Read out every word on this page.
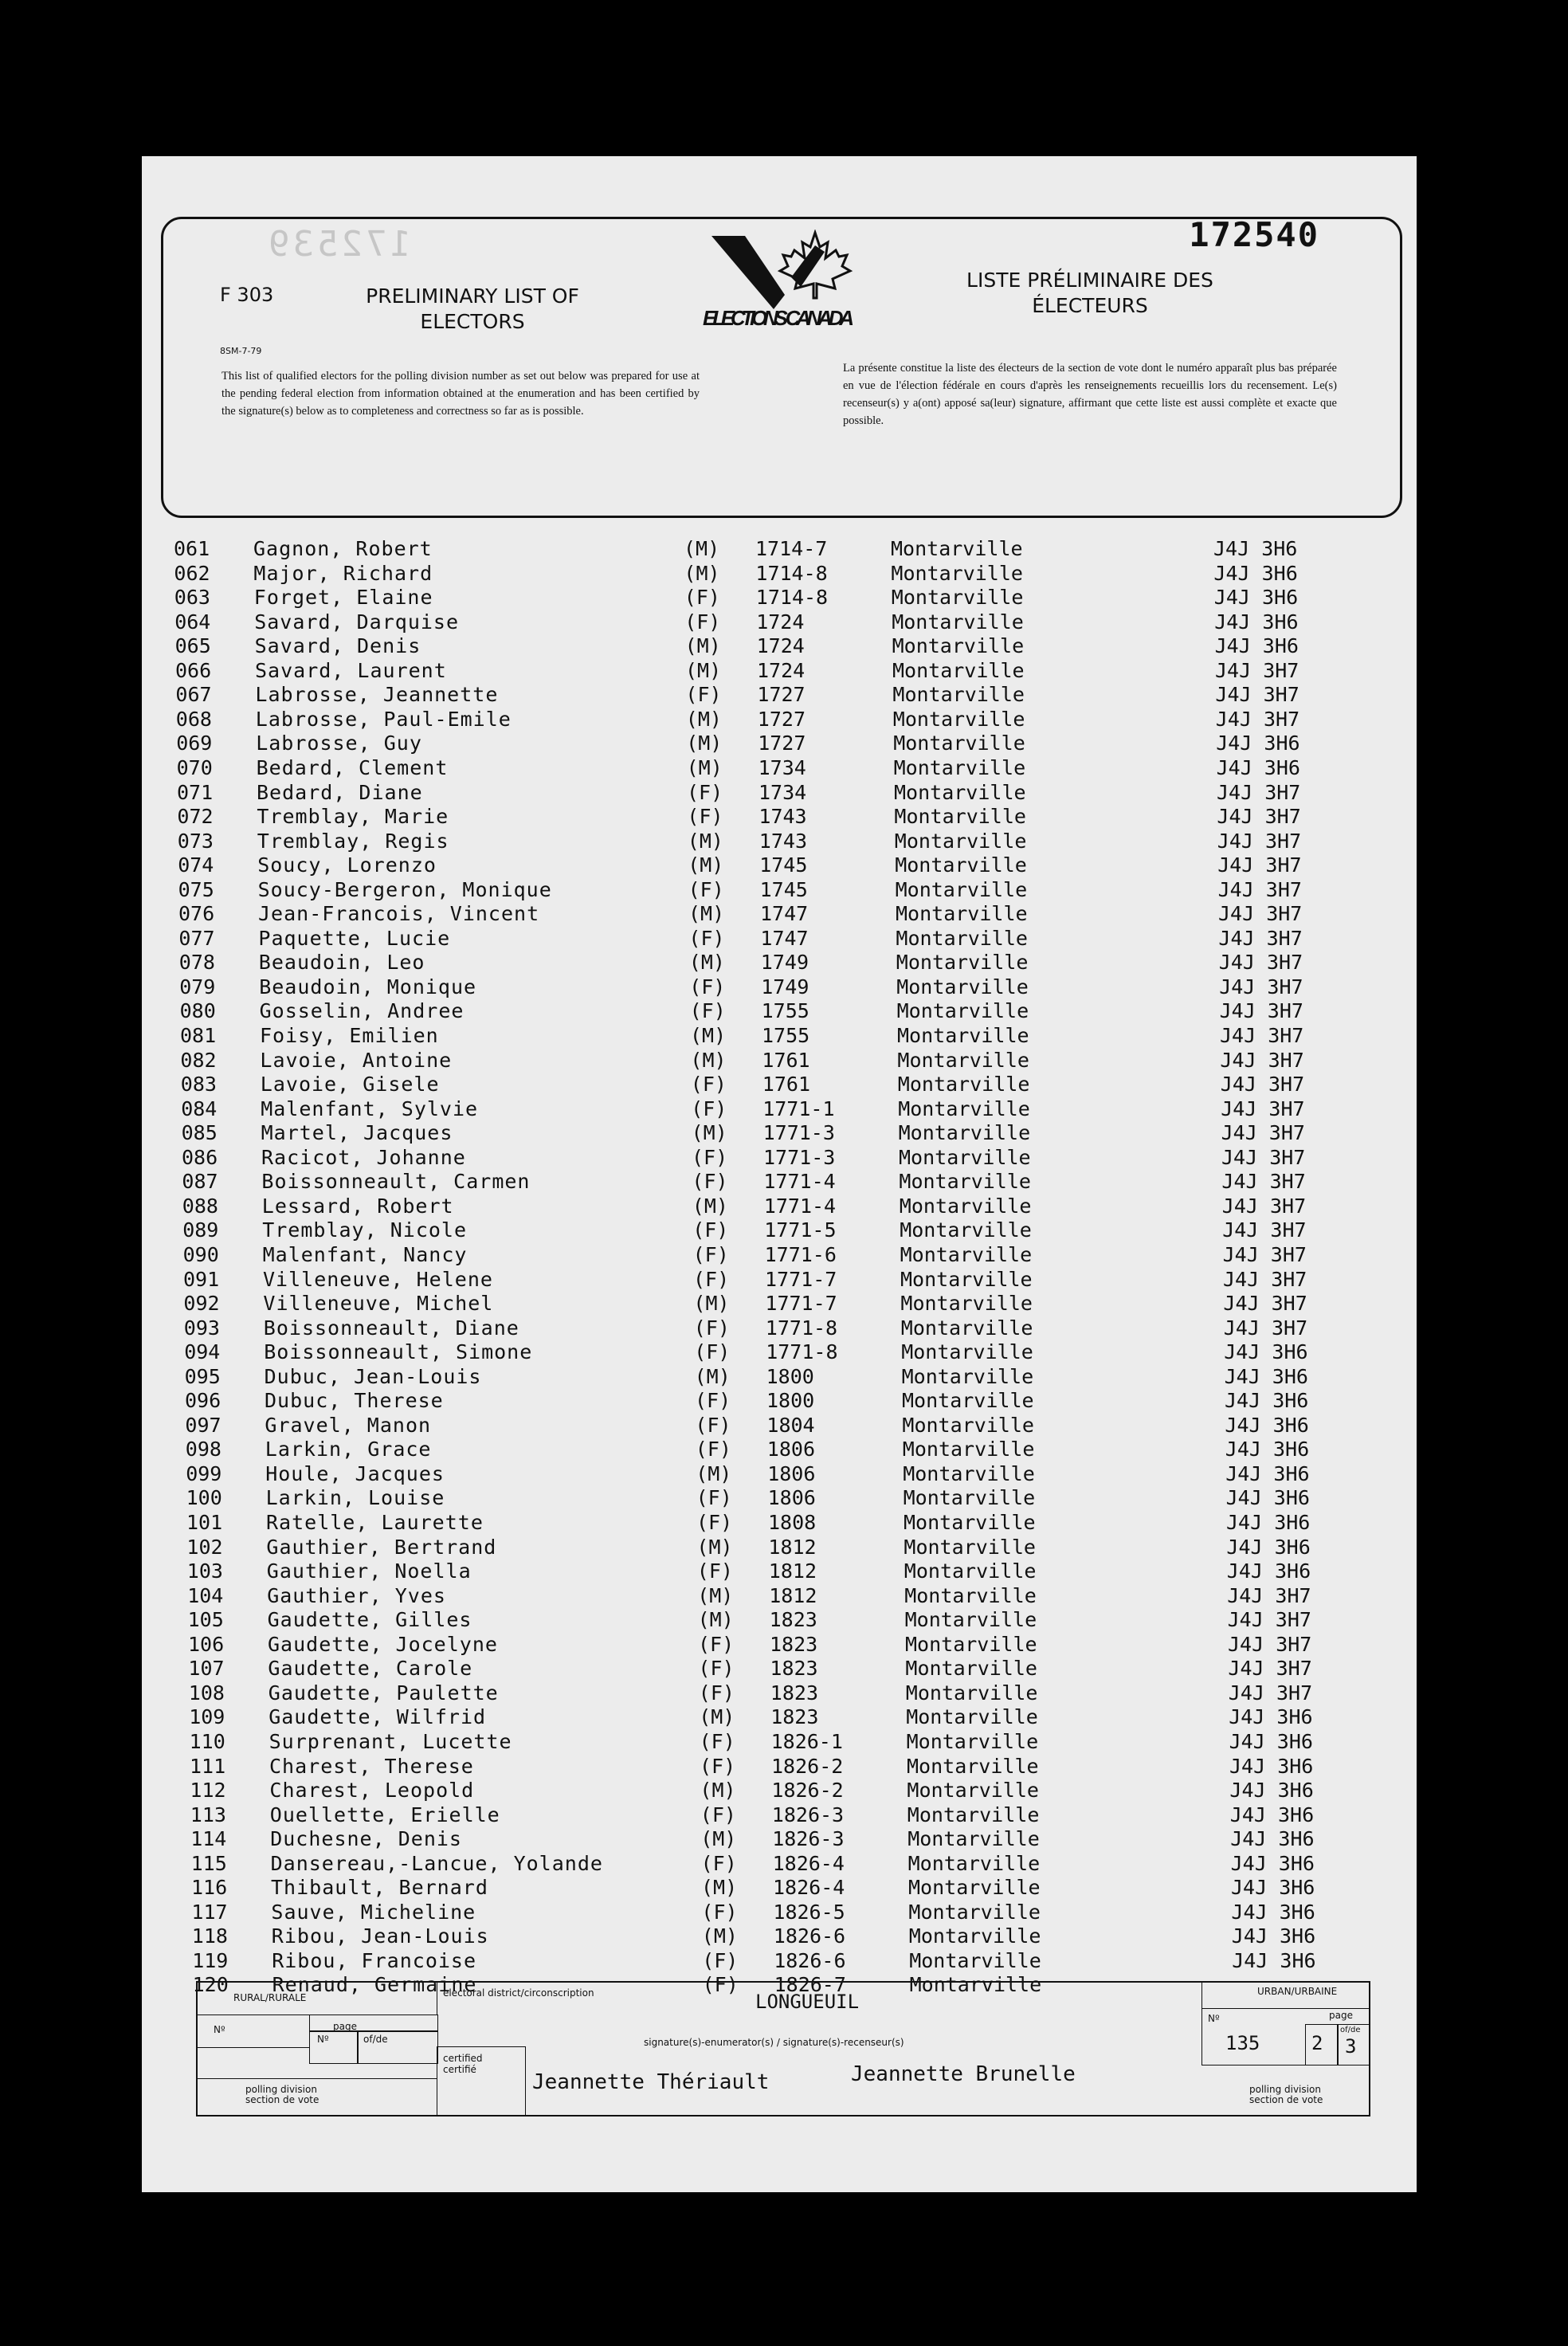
172539	172540
F 303
8SM-7-79
PRELIMINARY LIST OF ELECTORS
LISTE PRÉLIMINAIRE DES ÉLECTEURS
ELECTIONS CANADA
This list of qualified electors for the polling division number as set out below was prepared for use at the pending federal election from information obtained at the enumeration and has been certified by the signature(s) below as to completeness and correctness so far as is possible.
La présente constitue la liste des électeurs de la section de vote dont le numéro apparaît plus bas préparée en vue de l'élection fédérale en cours d'après les renseignements recueillis lors du recensement. Le(s) recenseur(s) y a(ont) apposé sa(leur) signature, affirmant que cette liste est aussi complète et exacte que possible.
061 Gagnon, Robert	(M) 1714-7	Montarville	J4J 3H6
062 Major, Richard	(M) 1714-8	Montarville	J4J 3H6
063 Forget, Elaine	(F) 1714-8	Montarville	J4J 3H6
064 Savard, Darquise	(F) 1724	Montarville	J4J 3H6
065 Savard, Denis	(M) 1724	Montarville	J4J 3H6
066 Savard, Laurent	(M) 1724	Montarville	J4J 3H7
067 Labrosse, Jeannette	(F) 1727	Montarville	J4J 3H7
068 Labrosse, Paul-Emile	(M) 1727	Montarville	J4J 3H7
069 Labrosse, Guy	(M) 1727	Montarville	J4J 3H6
070 Bedard, Clement	(M) 1734	Montarville	J4J 3H6
071 Bedard, Diane	(F) 1734	Montarville	J4J 3H7
072 Tremblay, Marie	(F) 1743	Montarville	J4J 3H7
073 Tremblay, Regis	(M) 1743	Montarville	J4J 3H7
074 Soucy, Lorenzo	(M) 1745	Montarville	J4J 3H7
075 Soucy-Bergeron, Monique	(F) 1745	Montarville	J4J 3H7
076 Jean-Francois, Vincent	(M) 1747	Montarville	J4J 3H7
077 Paquette, Lucie	(F) 1747	Montarville	J4J 3H7
078 Beaudoin, Leo	(M) 1749	Montarville	J4J 3H7
079 Beaudoin, Monique	(F) 1749	Montarville	J4J 3H7
080 Gosselin, Andree	(F) 1755	Montarville	J4J 3H7
081 Foisy, Emilien	(M) 1755	Montarville	J4J 3H7
082 Lavoie, Antoine	(M) 1761	Montarville	J4J 3H7
083 Lavoie, Gisele	(F) 1761	Montarville	J4J 3H7
084 Malenfant, Sylvie	(F) 1771-1	Montarville	J4J 3H7
085 Martel, Jacques	(M) 1771-3	Montarville	J4J 3H7
086 Racicot, Johanne	(F) 1771-3	Montarville	J4J 3H7
087 Boissonneault, Carmen	(F) 1771-4	Montarville	J4J 3H7
088 Lessard, Robert	(M) 1771-4	Montarville	J4J 3H7
089 Tremblay, Nicole	(F) 1771-5	Montarville	J4J 3H7
090 Malenfant, Nancy	(F) 1771-6	Montarville	J4J 3H7
091 Villeneuve, Helene	(F) 1771-7	Montarville	J4J 3H7
092 Villeneuve, Michel	(M) 1771-7	Montarville	J4J 3H7
093 Boissonneault, Diane	(F) 1771-8	Montarville	J4J 3H7
094 Boissonneault, Simone	(F) 1771-8	Montarville	J4J 3H6
095 Dubuc, Jean-Louis	(M) 1800	Montarville	J4J 3H6
096 Dubuc, Therese	(F) 1800	Montarville	J4J 3H6
097 Gravel, Manon	(F) 1804	Montarville	J4J 3H6
098 Larkin, Grace	(F) 1806	Montarville	J4J 3H6
099 Houle, Jacques	(M) 1806	Montarville	J4J 3H6
100 Larkin, Louise	(F) 1806	Montarville	J4J 3H6
101 Ratelle, Laurette	(F) 1808	Montarville	J4J 3H6
102 Gauthier, Bertrand	(M) 1812	Montarville	J4J 3H6
103 Gauthier, Noella	(F) 1812	Montarville	J4J 3H6
104 Gauthier, Yves	(M) 1812	Montarville	J4J 3H7
105 Gaudette, Gilles	(M) 1823	Montarville	J4J 3H7
106 Gaudette, Jocelyne	(F) 1823	Montarville	J4J 3H7
107 Gaudette, Carole	(F) 1823	Montarville	J4J 3H7
108 Gaudette, Paulette	(F) 1823	Montarville	J4J 3H7
109 Gaudette, Wilfrid	(M) 1823	Montarville	J4J 3H6
110 Surprenant, Lucette	(F) 1826-1	Montarville	J4J 3H6
111 Charest, Therese	(F) 1826-2	Montarville	J4J 3H6
112 Charest, Leopold	(M) 1826-2	Montarville	J4J 3H6
113 Ouellette, Erielle	(F) 1826-3	Montarville	J4J 3H6
114 Duchesne, Denis	(M) 1826-3	Montarville	J4J 3H6
115 Dansereau,-Lancue, Yolande	(F) 1826-4	Montarville	J4J 3H6
116 Thibault, Bernard	(M) 1826-4	Montarville	J4J 3H6
117 Sauve, Micheline	(F) 1826-5	Montarville	J4J 3H6
118 Ribou, Jean-Louis	(M) 1826-6	Montarville	J4J 3H6
119 Ribou, Francoise	(F) 1826-6	Montarville	J4J 3H6
120 Renaud, Germaine	(F) 1826-7	Montarville
RURAL/RURALE
Nº	page
Nº	of/de
polling division section de vote
electoral district/circonscription	LONGUEUIL
signature(s)-enumerator(s) / signature(s)-recenseur(s)
certified certifié
Jeannette Thériault	Jeannette Brunelle
URBAN/URBAINE
Nº	page
135	2
of/de
3
polling division section de vote
